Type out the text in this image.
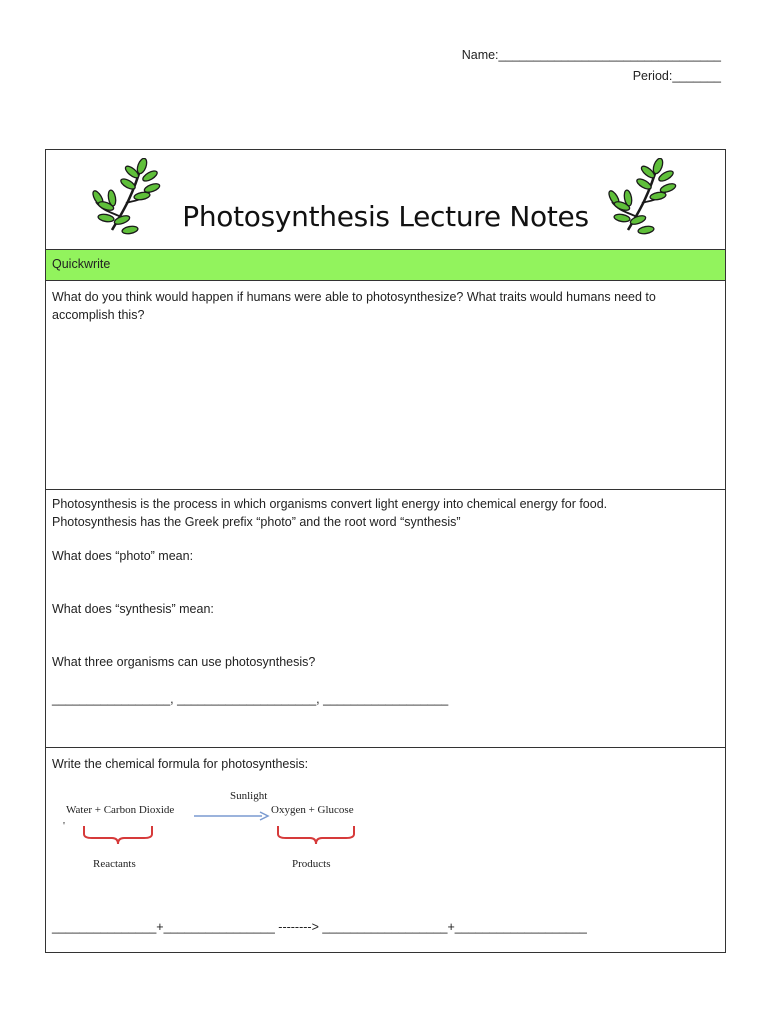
Name:________________________________
Period:_______
Photosynthesis Lecture Notes
Quickwrite
What do you think would happen if humans were able to photosynthesize? What traits would humans need to
accomplish this?
Photosynthesis is the process in which organisms convert light energy into chemical energy for food.
Photosynthesis has the Greek prefix “photo” and the root word “synthesis”
What does “photo” mean:
What does “synthesis” mean:
What three organisms can use photosynthesis?
_________________, ____________________, __________________
Write the chemical formula for photosynthesis:
Water + Carbon Dioxide
Sunlight
Oxygen + Glucose
'
Reactants	Products
_______________+________________ --------> __________________+___________________
